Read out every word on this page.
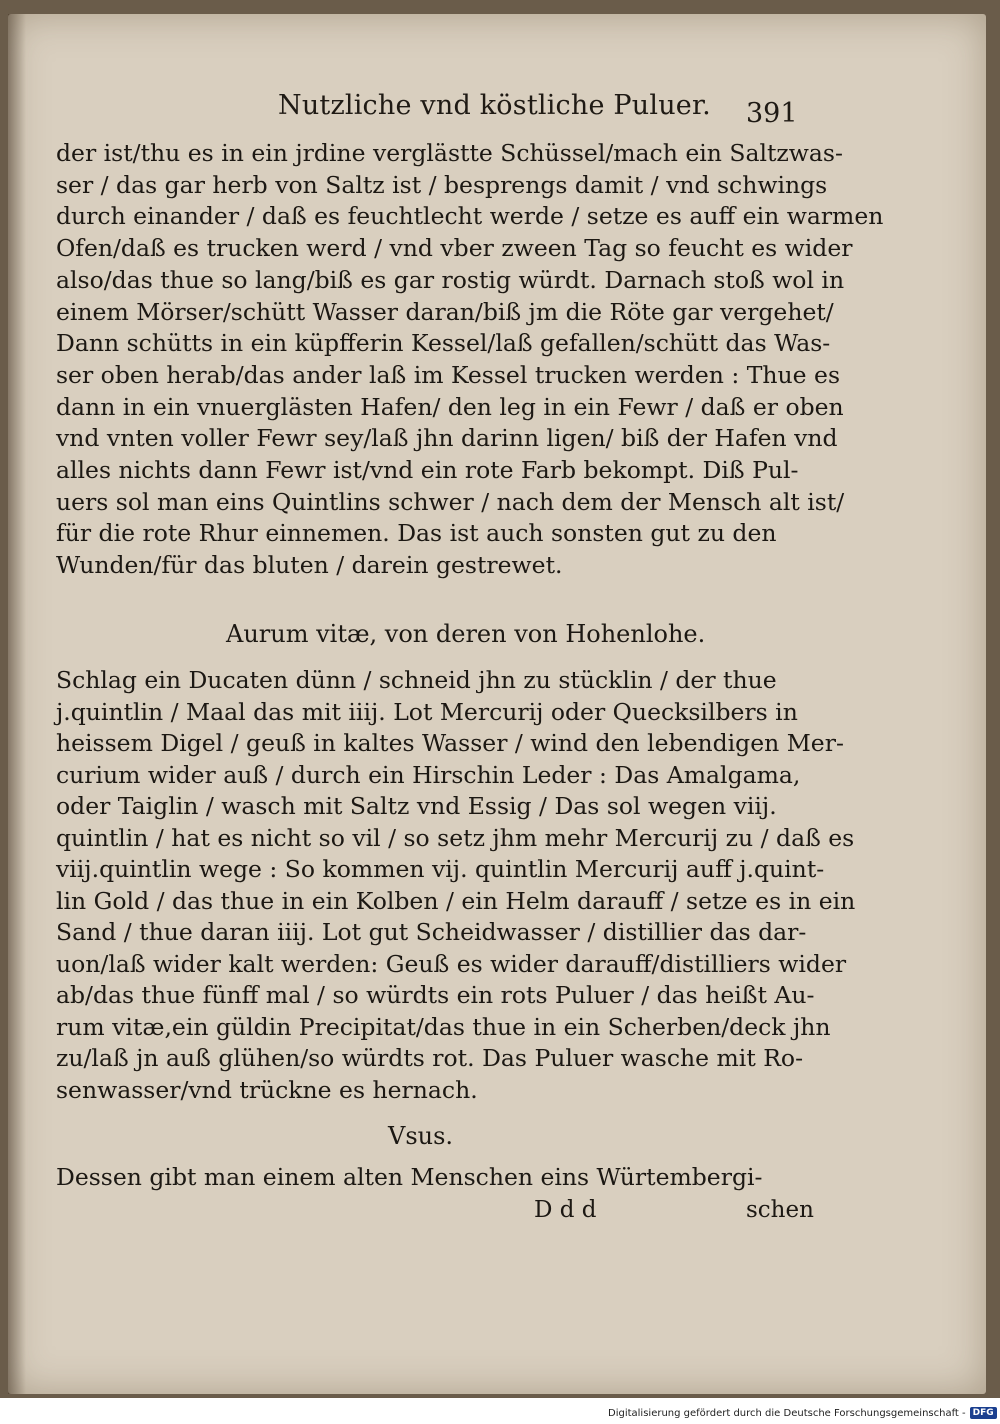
Nutzliche vnd köstliche Puluer. 391
der ist/thu es in ein jrdine verglästte Schüssel/mach ein Saltzwas-
ser / das gar herb von Saltz ist / besprengs damit / vnd schwings
durch einander / daß es feuchtlecht werde / setze es auff ein warmen
Ofen/daß es trucken werd / vnd vber zween Tag so feucht es wider
also/das thue so lang/biß es gar rostig würdt. Darnach stoß wol in
einem Mörser/schütt Wasser daran/biß jm die Röte gar vergehet/
Dann schütts in ein küpfferin Kessel/laß gefallen/schütt das Was-
ser oben herab/das ander laß im Kessel trucken werden : Thue es
dann in ein vnuerglästen Hafen/ den leg in ein Fewr / daß er oben
vnd vnten voller Fewr sey/laß jhn darinn ligen/ biß der Hafen vnd
alles nichts dann Fewr ist/vnd ein rote Farb bekompt. Diß Pul-
uers sol man eins Quintlins schwer / nach dem der Mensch alt ist/
für die rote Rhur einnemen. Das ist auch sonsten gut zu den
Wunden/für das bluten / darein gestrewet.
Aurum vitæ, von deren von Hohenlohe.
Schlag ein Ducaten dünn / schneid jhn zu stücklin / der thue
j.quintlin / Maal das mit iiij. Lot Mercurij oder Quecksilbers in
heissem Digel / geuß in kaltes Wasser / wind den lebendigen Mer-
curium wider auß / durch ein Hirschin Leder : Das Amalgama,
oder Taiglin / wasch mit Saltz vnd Essig / Das sol wegen viij.
quintlin / hat es nicht so vil / so setz jhm mehr Mercurij zu / daß es
viij.quintlin wege : So kommen vij. quintlin Mercurij auff j.quint-
lin Gold / das thue in ein Kolben / ein Helm darauff / setze es in ein
Sand / thue daran iiij. Lot gut Scheidwasser / distillier das dar-
uon/laß wider kalt werden: Geuß es wider darauff/distilliers wider
ab/das thue fünff mal / so würdts ein rots Puluer / das heißt Au-
rum vitæ,ein güldin Precipitat/das thue in ein Scherben/deck jhn
zu/laß jn auß glühen/so würdts rot. Das Puluer wasche mit Ro-
senwasser/vnd trückne es hernach.
Vsus.
Dessen gibt man einem alten Menschen eins Würtembergi-
D d d	schen
Digitalisierung gefördert durch die Deutsche Forschungsgemeinschaft - DFG
